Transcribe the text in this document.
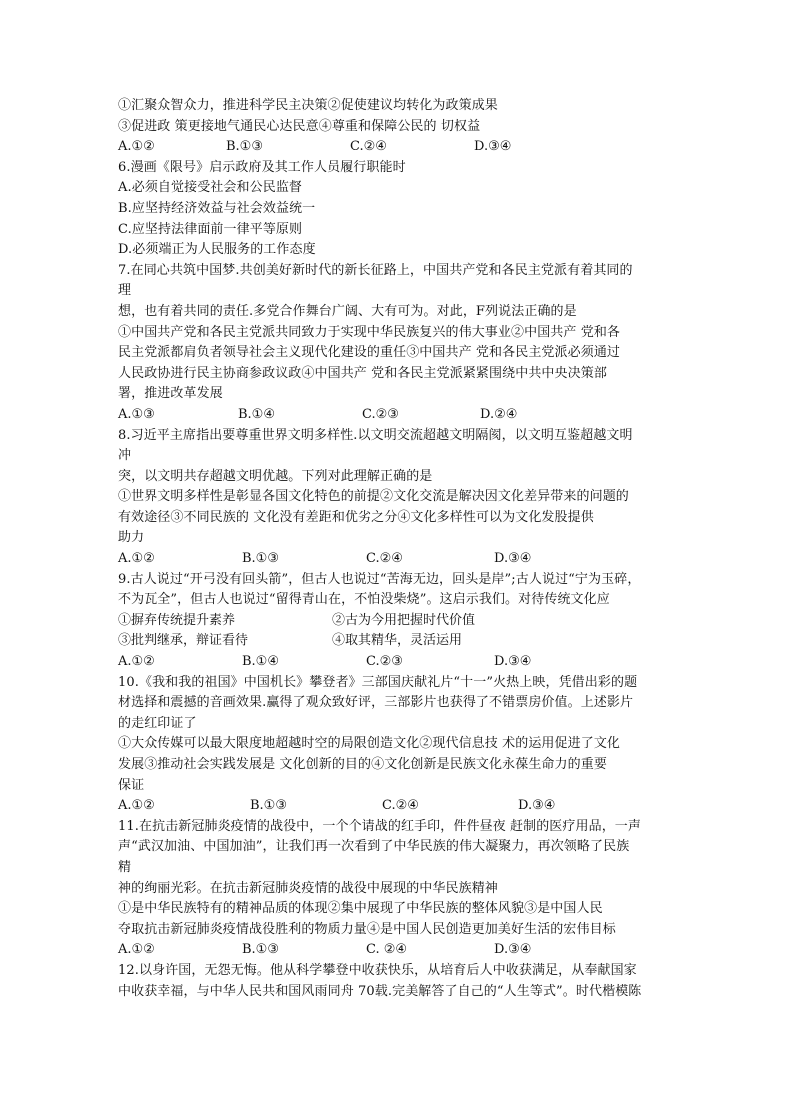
①汇聚众智众力，推进科学民主决策②促使建议均转化为政策成果
③促进政 策更接地气通民心达民意④尊重和保障公民的 切权益
A.①②	B.①③	C.②④	D.③④
6.漫画《限号》启示政府及其工作人员履行职能时
A.必须自觉接受社会和公民监督
B.应坚持经济效益与社会效益统一
C.应坚持法律面前一律平等原则
D.必须端正为人民服务的工作态度
7.在同心共筑中国梦.共创美好新时代的新长征路上，中国共产党和各民主党派有着其同的
理
想，也有着共同的责任.多党合作舞台广阔、大有可为。对此，F列说法正确的是
①中国共产党和各民主党派共同致力于实现中华民族复兴的伟大事业②中国共产 党和各
民主党派都肩负者领导社会主义现代化建设的重任③中国共产 党和各民主党派必须通过
人民政协进行民主协商参政议政④中国共产 党和各民主党派紧紧围绕中共中央决策部
署，推进改革发展
A.①③	B.①④	C.②③	D.②④
8.习近平主席指出要尊重世界文明多样性.以文明交流超越文明隔阂，以文明互鉴超越文明
冲
突，以文明共存超越文明优越。下列对此理解正确的是
①世界文明多样性是彰显各国文化特色的前提②文化交流是解决因文化差异带来的问题的
有效途径③不同民族的 文化没有差距和优劣之分④文化多样性可以为文化发股提供
助力
A.①②	B.①③	C.②④	D.③④
9.古人说过“开弓没有回头箭”，但古人也说过“苦海无边，回头是岸”;古人说过“宁为玉碎，
不为瓦全”，但古人也说过“留得青山在，不怕没柴烧”。这启示我们。对待传统文化应
①摒弃传统提升素养	②古为今用把握时代价值
③批判继承，辩证看待	④取其精华，灵活运用
A.①②	B.①④	C.②③	D.③④
10.《我和我的祖国》中国机长》攀登者》三部国庆献礼片“十一”火热上映，凭借出彩的题
材选择和震撼的音画效果.赢得了观众致好评，三部影片也获得了不错票房价值。上述影片
的走红印证了
①大众传媒可以最大限度地超越时空的局限创造文化②现代信息技 术的运用促进了文化
发展③推动社会实践发展是 文化创新的目的④文化创新是民族文化永葆生命力的重要
保证
A.①②	B.①③	C.②④	D.③④
11.在抗击新冠肺炎疫情的战役中，一个个请战的红手印，件件昼夜 赶制的医疗用品，一声
声“武汉加油、中国加油”，让我们再一次看到了中华民族的伟大凝聚力，再次领略了民族
精
神的绚丽光彩。在抗击新冠肺炎疫情的战役中展现的中华民族精神
①是中华民族特有的精神品质的体现②集中展现了中华民族的整体风貌③是中国人民
夺取抗击新冠肺炎疫情战役胜利的物质力量④是中国人民创造更加美好生活的宏伟目标
A.①②	B.①③	C. ②④	D.③④
12.以身许国，无怨无悔。他从科学攀登中收获快乐，从培育后人中收获满足，从奉献国家
中收获幸福，与中华人民共和国风雨同舟 70载.完美解答了自己的“人生等式”。时代楷模陈
